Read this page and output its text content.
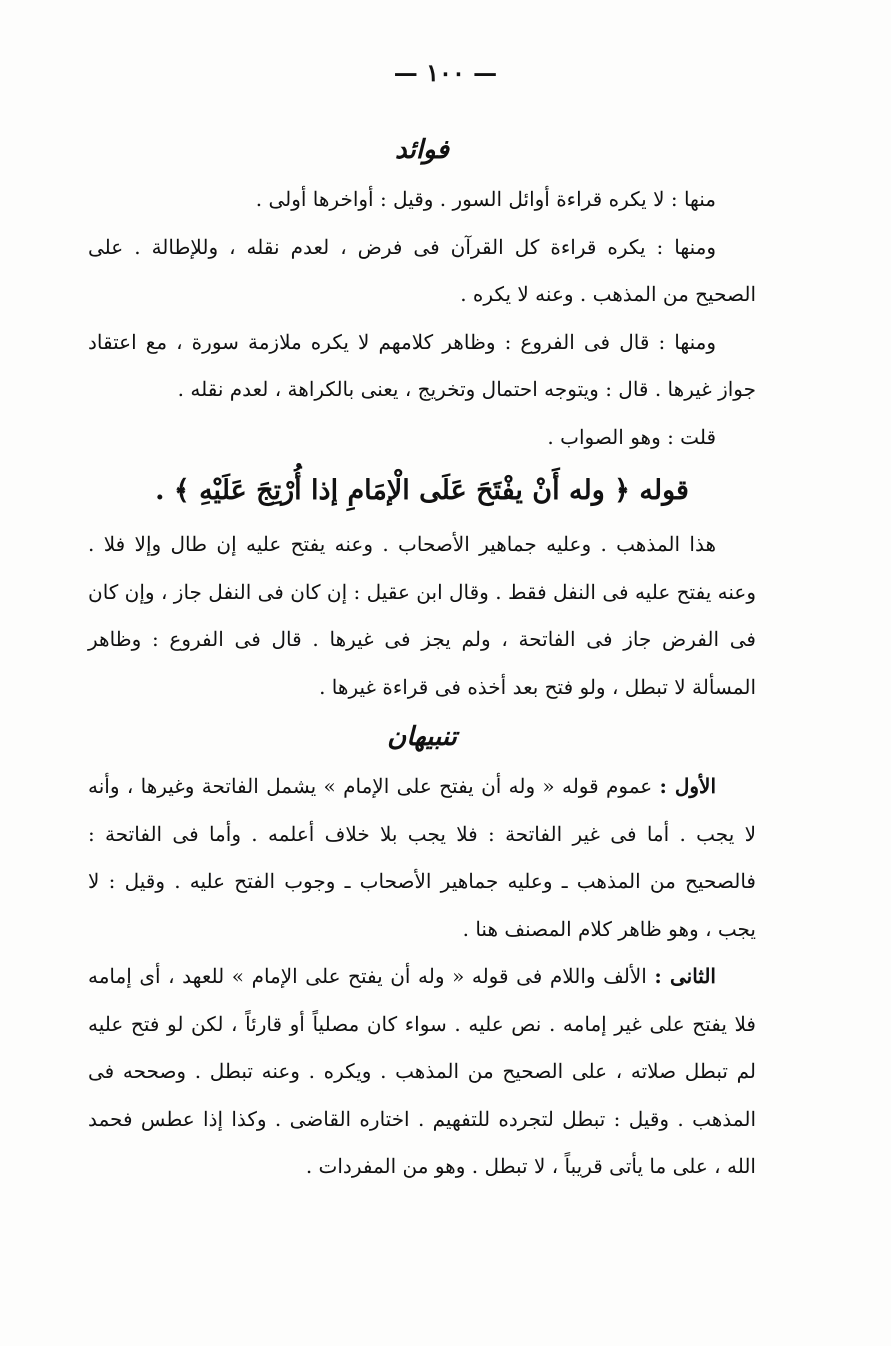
— ١٠٠ —
فوائد

منها : لا يكره قراءة أوائل السور . وقيل : أواخرها أولى .

ومنها : يكره قراءة كل القرآن فى فرض ، لعدم نقله ، وللإطالة . على الصحيح من المذهب . وعنه لا يكره .

ومنها : قال فى الفروع : وظاهر كلامهم لا يكره ملازمة سورة ، مع اعتقاد جواز غيرها . قال : ويتوجه احتمال وتخريج ، يعنى بالكراهة ، لعدم نقله .

قلت : وهو الصواب .

قوله ﴿ وله أَنْ يفْتَحَ عَلَى الْإمَامِ إذا أُرْتِجَ عَلَيْهِ ﴾ .

هذا المذهب . وعليه جماهير الأصحاب . وعنه يفتح عليه إن طال وإلا فلا . وعنه يفتح عليه فى النفل فقط . وقال ابن عقيل : إن كان فى النفل جاز ، وإن كان فى الفرض جاز فى الفاتحة ، ولم يجز فى غيرها . قال فى الفروع : وظاهر المسألة لا تبطل ، ولو فتح بعد أخذه فى قراءة غيرها .

تنبيهان

الأول : عموم قوله « وله أن يفتح على الإمام » يشمل الفاتحة وغيرها ، وأنه لا يجب . أما فى غير الفاتحة : فلا يجب بلا خلاف أعلمه . وأما فى الفاتحة : فالصحيح من المذهب ـ وعليه جماهير الأصحاب ـ وجوب الفتح عليه . وقيل : لا يجب ، وهو ظاهر كلام المصنف هنا .

الثانى : الألف واللام فى قوله « وله أن يفتح على الإمام » للعهد ، أى إمامه فلا يفتح على غير إمامه . نص عليه . سواء كان مصلياً أو قارئاً ، لكن لو فتح عليه لم تبطل صلاته ، على الصحيح من المذهب . ويكره . وعنه تبطل . وصححه فى المذهب . وقيل : تبطل لتجرده للتفهيم . اختاره القاضى . وكذا إذا عطس فحمد الله ، على ما يأتى قريباً ، لا تبطل . وهو من المفردات .
